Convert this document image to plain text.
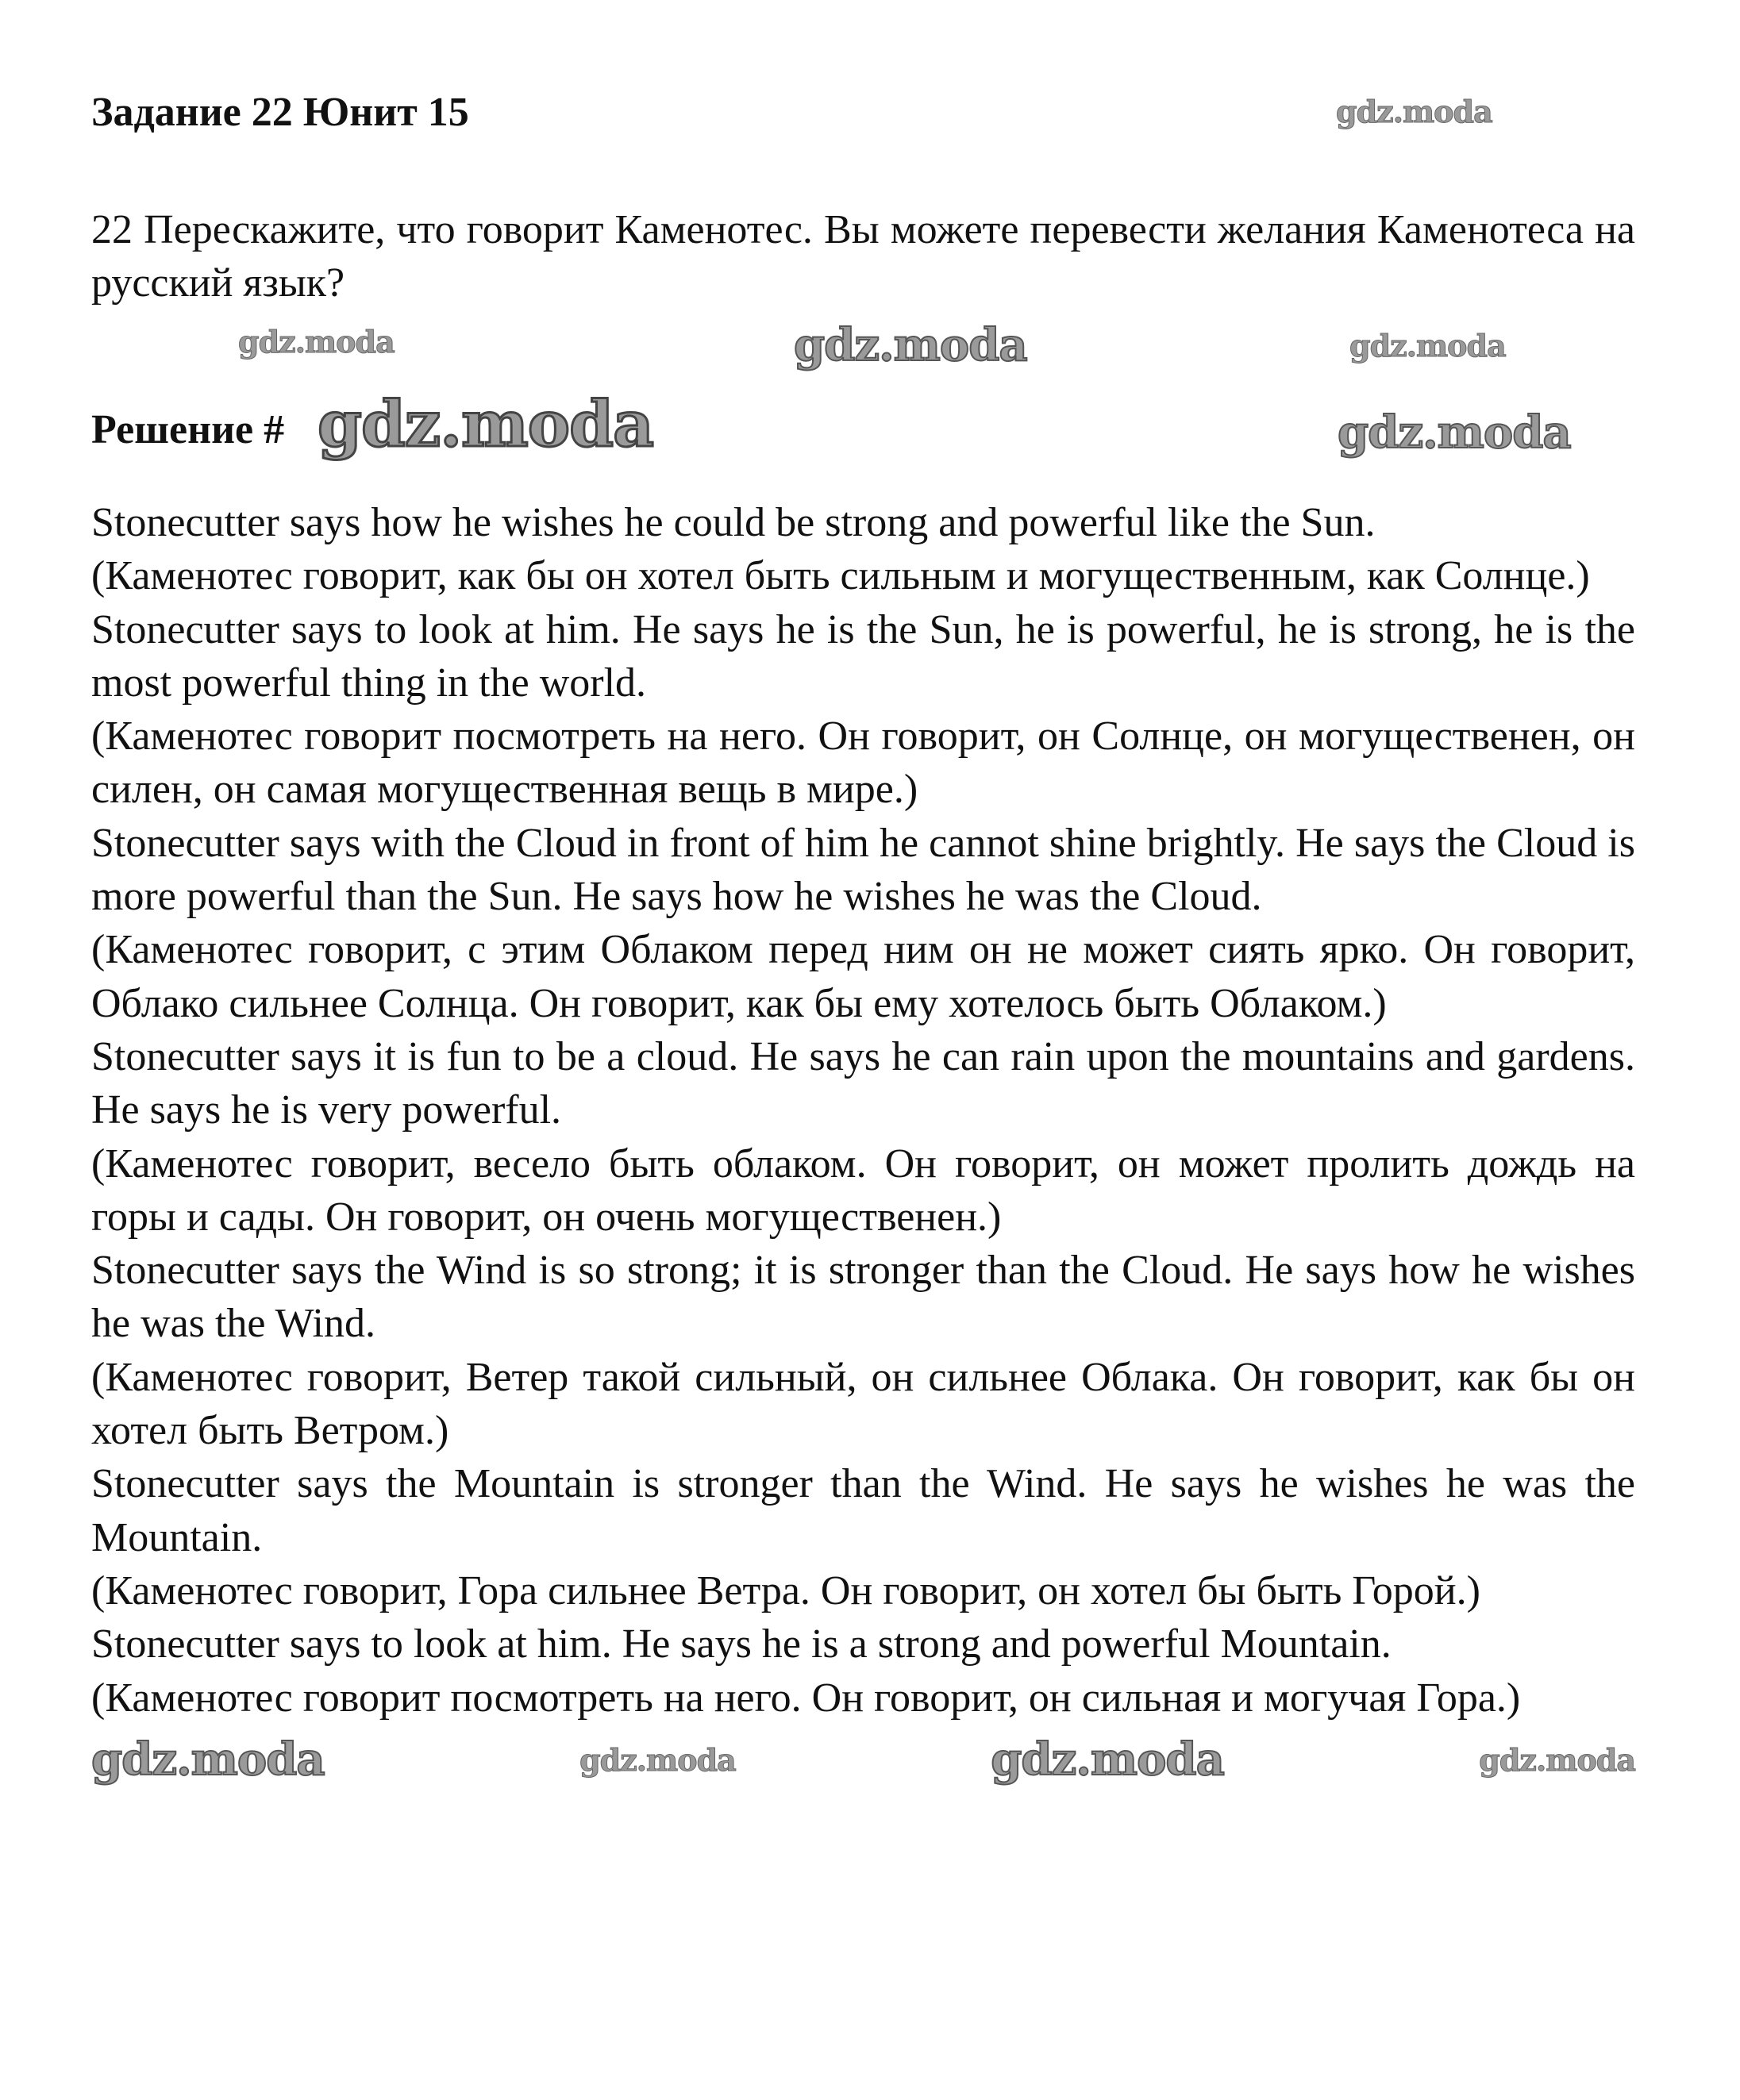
Задание 22 Юнит 15
22 Перескажите, что говорит Каменотес. Вы можете перевести желания Каменотеса на русский язык?
Решение #

Stonecutter says how he wishes he could be strong and powerful like the Sun.

(Каменотес говорит, как бы он хотел быть сильным и могущественным, как Солнце.)

Stonecutter says to look at him. He says he is the Sun, he is powerful, he is strong, he is the most powerful thing in the world.

(Каменотес говорит посмотреть на него. Он говорит, он Солнце, он могущественен, он силен, он самая могущественная вещь в мире.)

Stonecutter says with the Cloud in front of him he cannot shine brightly. He says the Cloud is more powerful than the Sun. He says how he wishes he was the Cloud.

(Каменотес говорит, с этим Облаком перед ним он не может сиять ярко. Он говорит, Облако сильнее Солнца. Он говорит, как бы ему хотелось быть Облаком.)

Stonecutter says it is fun to be a cloud. He says he can rain upon the mountains and gardens. He says he is very powerful.

(Каменотес говорит, весело быть облаком. Он говорит, он может пролить дождь на горы и сады. Он говорит, он очень могущественен.)

Stonecutter says the Wind is so strong; it is stronger than the Cloud. He says how he wishes he was the Wind.

(Каменотес говорит, Ветер такой сильный, он сильнее Облака. Он говорит, как бы он хотел быть Ветром.)

Stonecutter says the Mountain is stronger than the Wind. He says he wishes he was the Mountain.

(Каменотес говорит, Гора сильнее Ветра. Он говорит, он хотел бы быть Горой.)

Stonecutter says to look at him. He says he is a strong and powerful Mountain.

(Каменотес говорит посмотреть на него. Он говорит, он сильная и могучая Гора.)

gdz.moda	gdz.moda	gdz.moda	gdz.moda
gdz.moda
gdz.moda	gdz.moda
gdz.moda	gdz.moda	gdz.moda
